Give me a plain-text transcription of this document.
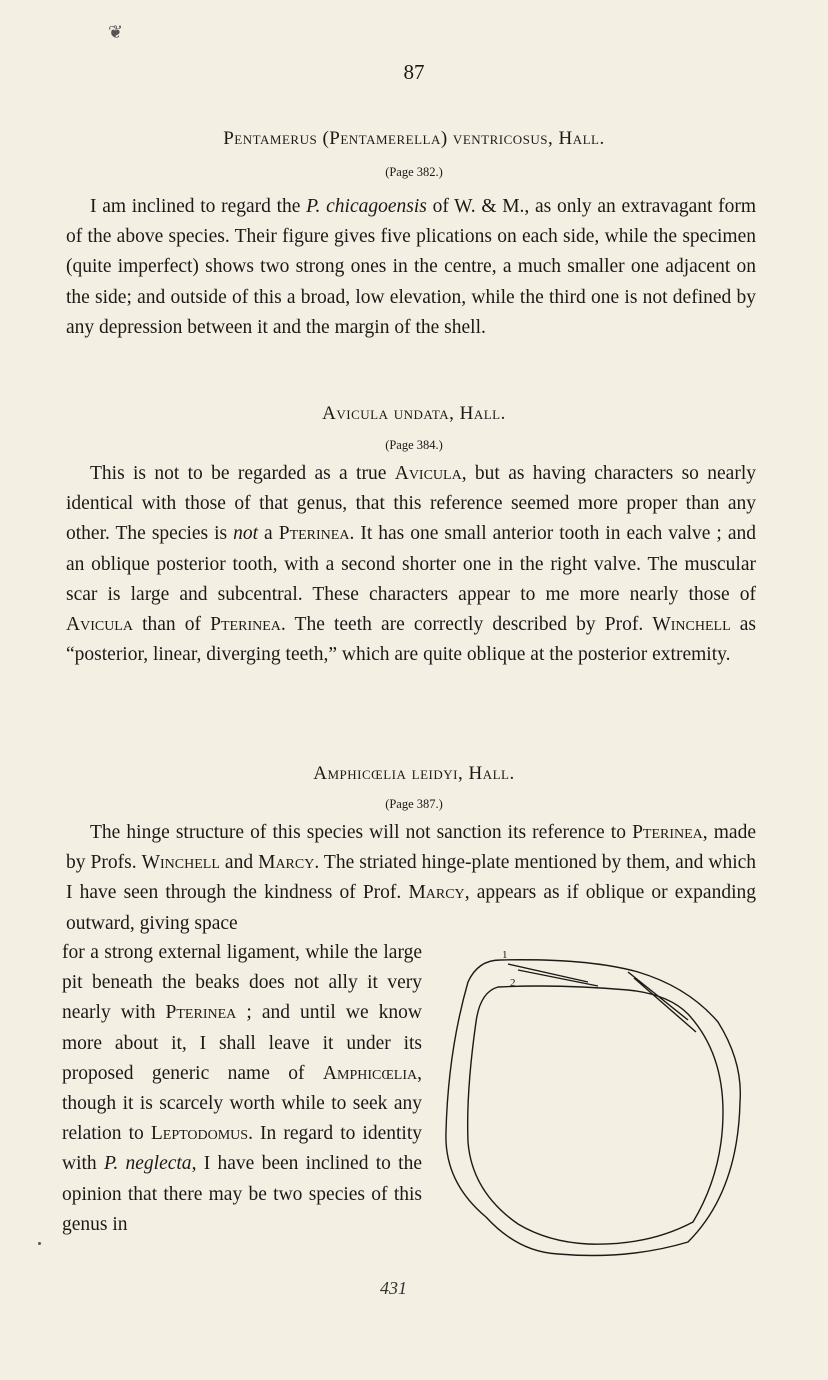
❦
87
Pentamerus (Pentamerella) ventricosus, Hall.
(Page 382.)

I am inclined to regard the P. chicagoensis of W. & M., as only an extravagant form of the above species. Their figure gives five plications on each side, while the specimen (quite imperfect) shows two strong ones in the centre, a much smaller one adjacent on the side; and outside of this a broad, low elevation, while the third one is not defined by any depression between it and the margin of the shell.

Avicula undata, Hall.
(Page 384.)

This is not to be regarded as a true Avicula, but as having characters so nearly identical with those of that genus, that this reference seemed more proper than any other. The species is not a Pterinea. It has one small anterior tooth in each valve ; and an oblique posterior tooth, with a second shorter one in the right valve. The muscular scar is large and subcentral. These characters appear to me more nearly those of Avicula than of Pterinea. The teeth are correctly described by Prof. Winchell as “posterior, linear, diverging teeth,” which are quite oblique at the posterior extremity.

Amphicœlia leidyi, Hall.
(Page 387.)

The hinge structure of this species will not sanction its reference to Pterinea, made by Profs. Winchell and Marcy. The striated hinge-plate mentioned by them, and which I have seen through the kindness of Prof. Marcy, appears as if oblique or expanding outward, giving space

for a strong external ligament, while the large pit beneath the beaks does not ally it very nearly with Pterinea ; and until we know more about it, I shall leave it under its proposed generic name of Amphicœlia, though it is scarcely worth while to seek any relation to Leptodomus. In regard to identity with P. neglecta, I have been inclined to the opinion that there may be two species of this genus in

1
2
431
